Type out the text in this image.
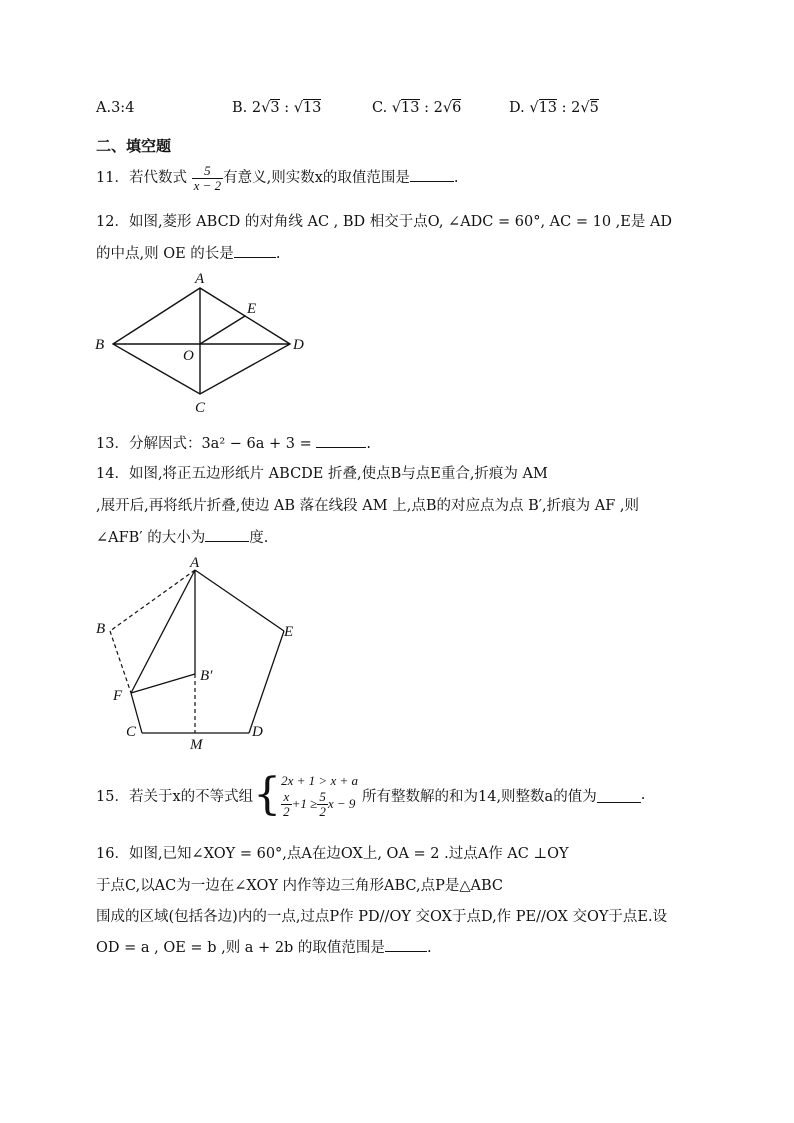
A.3:4	B. 2√3 : √13	C. √13 : 2√6	D. √13 : 2√5
二、填空题
11．若代数式 $\frac{5}{x - 2}$ 有意义,则实数x的取值范围是	.
12．如图,菱形 ABCD 的对角线 AC , BD 相交于点O, ∠ADC = 60°, AC = 10 ,E是 AD
的中点,则 OE 的长是	.
A
B
C
D
E
O
13．分解因式：3a² − 6a + 3 =	.
14．如图,将正五边形纸片 ABCDE 折叠,使点B与点E重合,折痕为 AM
,展开后,再将纸片折叠,使边 AB 落在线段 AM 上,点B的对应点为点 B′,折痕为 AF ,则
∠AFB′ 的大小为	度.
A
B
C	D
E
F
M
B′
15．若关于x的不等式组 { 2x + 1 > x + a
$\frac{x}{2} +1 \ge \frac{5}{2}$ x − 9 所有整数解的和为14,则整数a的值为	.
16．如图,已知∠XOY = 60°,点A在边OX上, OA = 2 .过点A作 AC ⊥OY
于点C,以AC为一边在∠XOY 内作等边三角形ABC,点P是△ABC
围成的区域(包括各边)内的一点,过点P作 PD//OY 交OX于点D,作 PE//OX 交OY于点E.设
OD = a , OE = b ,则 a + 2b 的取值范围是	.
